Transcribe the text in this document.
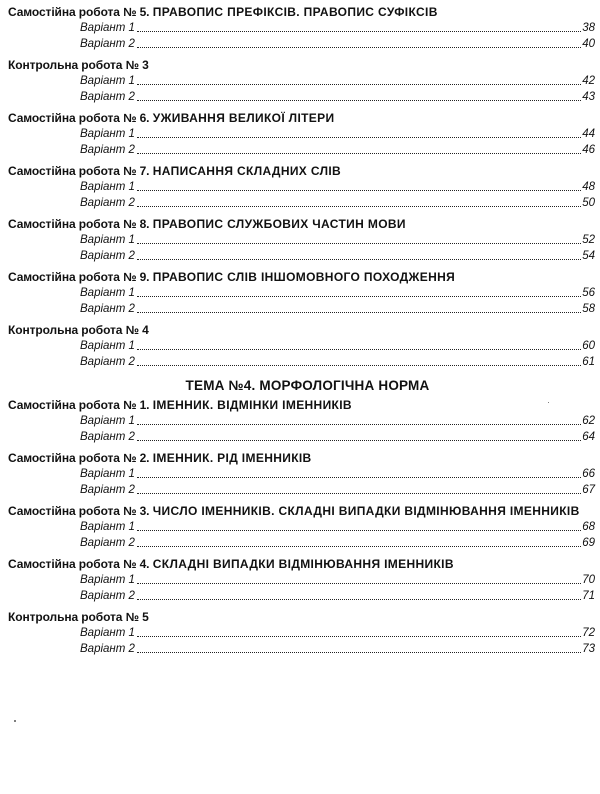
Самостійна робота № 5. ПРАВОПИС ПРЕФІКСІВ. ПРАВОПИС СУФІКСІВ
Варіант 1	38
Варіант 2	40
Контрольна робота № 3
Варіант 1	42
Варіант 2	43
Самостійна робота № 6. УЖИВАННЯ ВЕЛИКОЇ ЛІТЕРИ
Варіант 1	44
Варіант 2	46
Самостійна робота № 7. НАПИСАННЯ СКЛАДНИХ СЛІВ
Варіант 1	48
Варіант 2	50
Самостійна робота № 8. ПРАВОПИС СЛУЖБОВИХ ЧАСТИН МОВИ
Варіант 1	52
Варіант 2	54
Самостійна робота № 9. ПРАВОПИС СЛІВ ІНШОМОВНОГО ПОХОДЖЕННЯ
Варіант 1	56
Варіант 2	58
Контрольна робота № 4
Варіант 1	60
Варіант 2	61
ТЕМА №4. МОРФОЛОГІЧНА НОРМА
Самостійна робота № 1. ІМЕННИК. ВІДМІНКИ ІМЕННИКІВ
Варіант 1	62
Варіант 2	64
Самостійна робота № 2. ІМЕННИК. РІД ІМЕННИКІВ
Варіант 1	66
Варіант 2	67
Самостійна робота № 3. ЧИСЛО ІМЕННИКІВ. СКЛАДНІ ВИПАДКИ ВІДМІНЮВАННЯ ІМЕННИКІВ
Варіант 1	68
Варіант 2	69
Самостійна робота № 4. СКЛАДНІ ВИПАДКИ ВІДМІНЮВАННЯ ІМЕННИКІВ
Варіант 1	70
Варіант 2	71
Контрольна робота № 5
Варіант 1	72
Варіант 2	73
